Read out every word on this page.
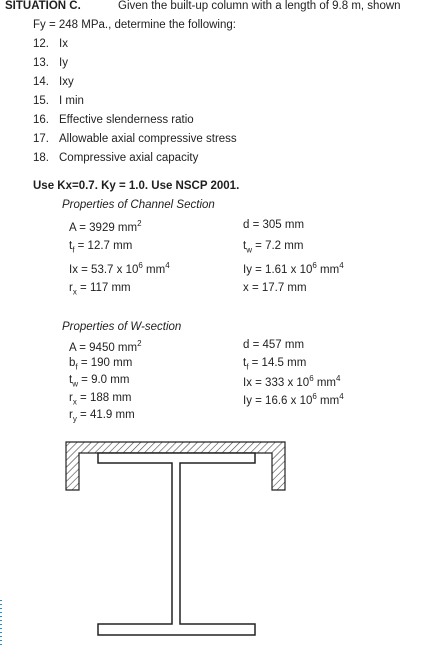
SITUATION C.	Given the built-up column with a length of 9.8 m, shown
Fy = 248 MPa., determine the following:
12. Ix
13. Iy
14. Ixy
15. I min
16. Effective slenderness ratio
17. Allowable axial compressive stress
18. Compressive axial capacity
Use Kx=0.7. Ky = 1.0. Use NSCP 2001.
Properties of Channel Section
A = 3929 $mm^2$
$t_f = 12.7$ mm
Ix = 53.7 x $10^6$ $mm^4$
$r_x = 117$ mm
d = 305 mm
$t_w = 7.2$ mm
Iy = 1.61 x $10^6$ $mm^4$
x = 17.7 mm
Properties of W-section
A = 9450 $mm^2$
$b_f = 190$ mm
$t_w = 9.0$ mm
$r_x = 188$ mm
$r_y = 41.9$ mm
d = 457 mm
$t_f = 14.5$ mm
Ix = 333 x $10^6$ $mm^4$
Iy = 16.6 x $10^6$ $mm^4$
